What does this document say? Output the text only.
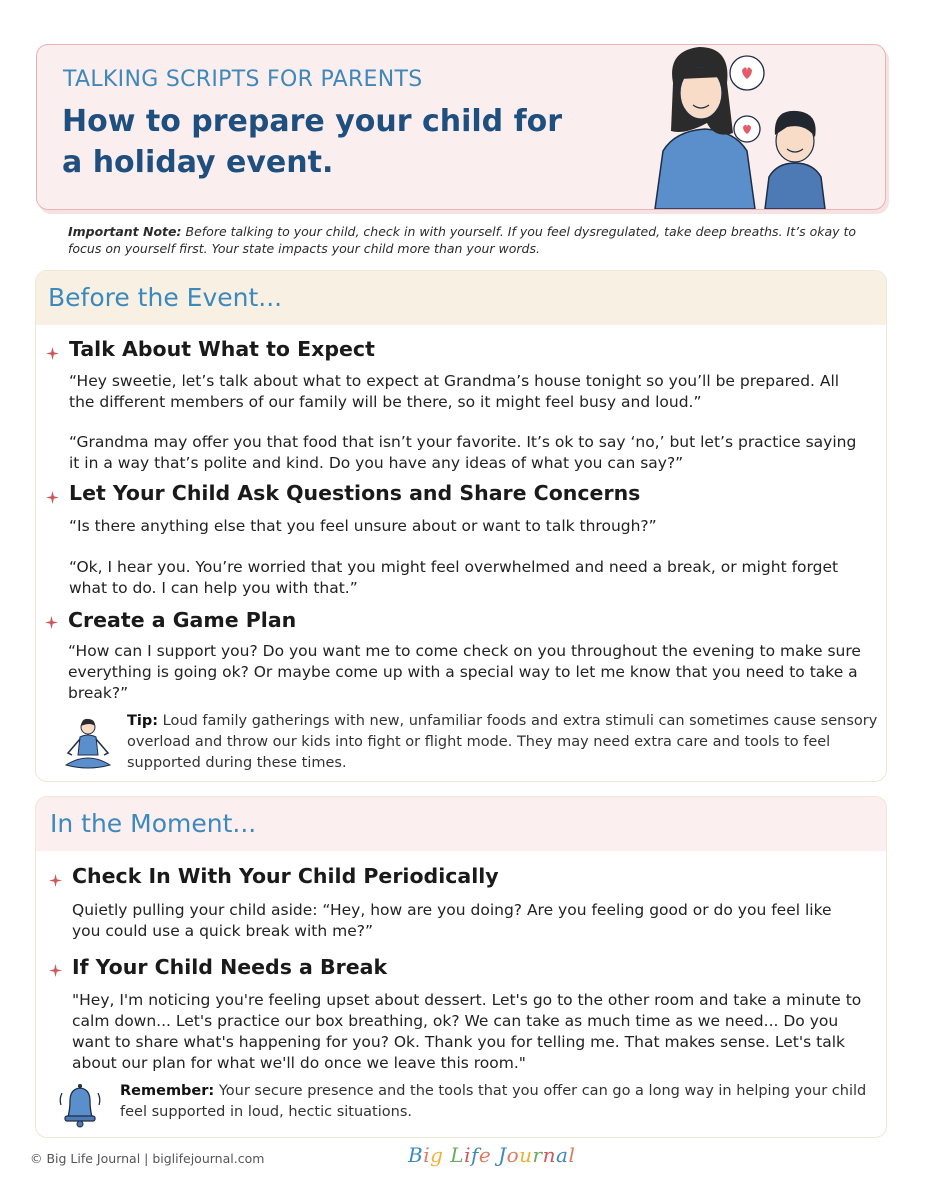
TALKING SCRIPTS FOR PARENTS
How to prepare your child for a holiday event.
Important Note: Before talking to your child, check in with yourself. If you feel dysregulated, take deep breaths. It’s okay to focus on yourself first. Your state impacts your child more than your words.
Before the Event...
Talk About What to Expect
“Hey sweetie, let’s talk about what to expect at Grandma’s house tonight so you’ll be prepared. All the different members of our family will be there, so it might feel busy and loud.”
“Grandma may offer you that food that isn’t your favorite. It’s ok to say ‘no,’ but let’s practice saying it in a way that’s polite and kind. Do you have any ideas of what you can say?”
Let Your Child Ask Questions and Share Concerns
“Is there anything else that you feel unsure about or want to talk through?”
“Ok, I hear you. You’re worried that you might feel overwhelmed and need a break, or might forget what to do. I can help you with that.”
Create a Game Plan
“How can I support you? Do you want me to come check on you throughout the evening to make sure everything is going ok? Or maybe come up with a special way to let me know that you need to take a break?”
Tip: Loud family gatherings with new, unfamiliar foods and extra stimuli can sometimes cause sensory overload and throw our kids into fight or flight mode. They may need extra care and tools to feel supported during these times.
In the Moment...
Check In With Your Child Periodically
Quietly pulling your child aside: “Hey, how are you doing? Are you feeling good or do you feel like you could use a quick break with me?”
If Your Child Needs a Break
"Hey, I'm noticing you're feeling upset about dessert. Let's go to the other room and take a minute to calm down... Let's practice our box breathing, ok? We can take as much time as we need... Do you want to share what's happening for you? Ok. Thank you for telling me. That makes sense. Let's talk about our plan for what we'll do once we leave this room."
Remember: Your secure presence and the tools that you offer can go a long way in helping your child feel supported in loud, hectic situations.
© Big Life Journal | biglifejournal.com	Big Life Journal
